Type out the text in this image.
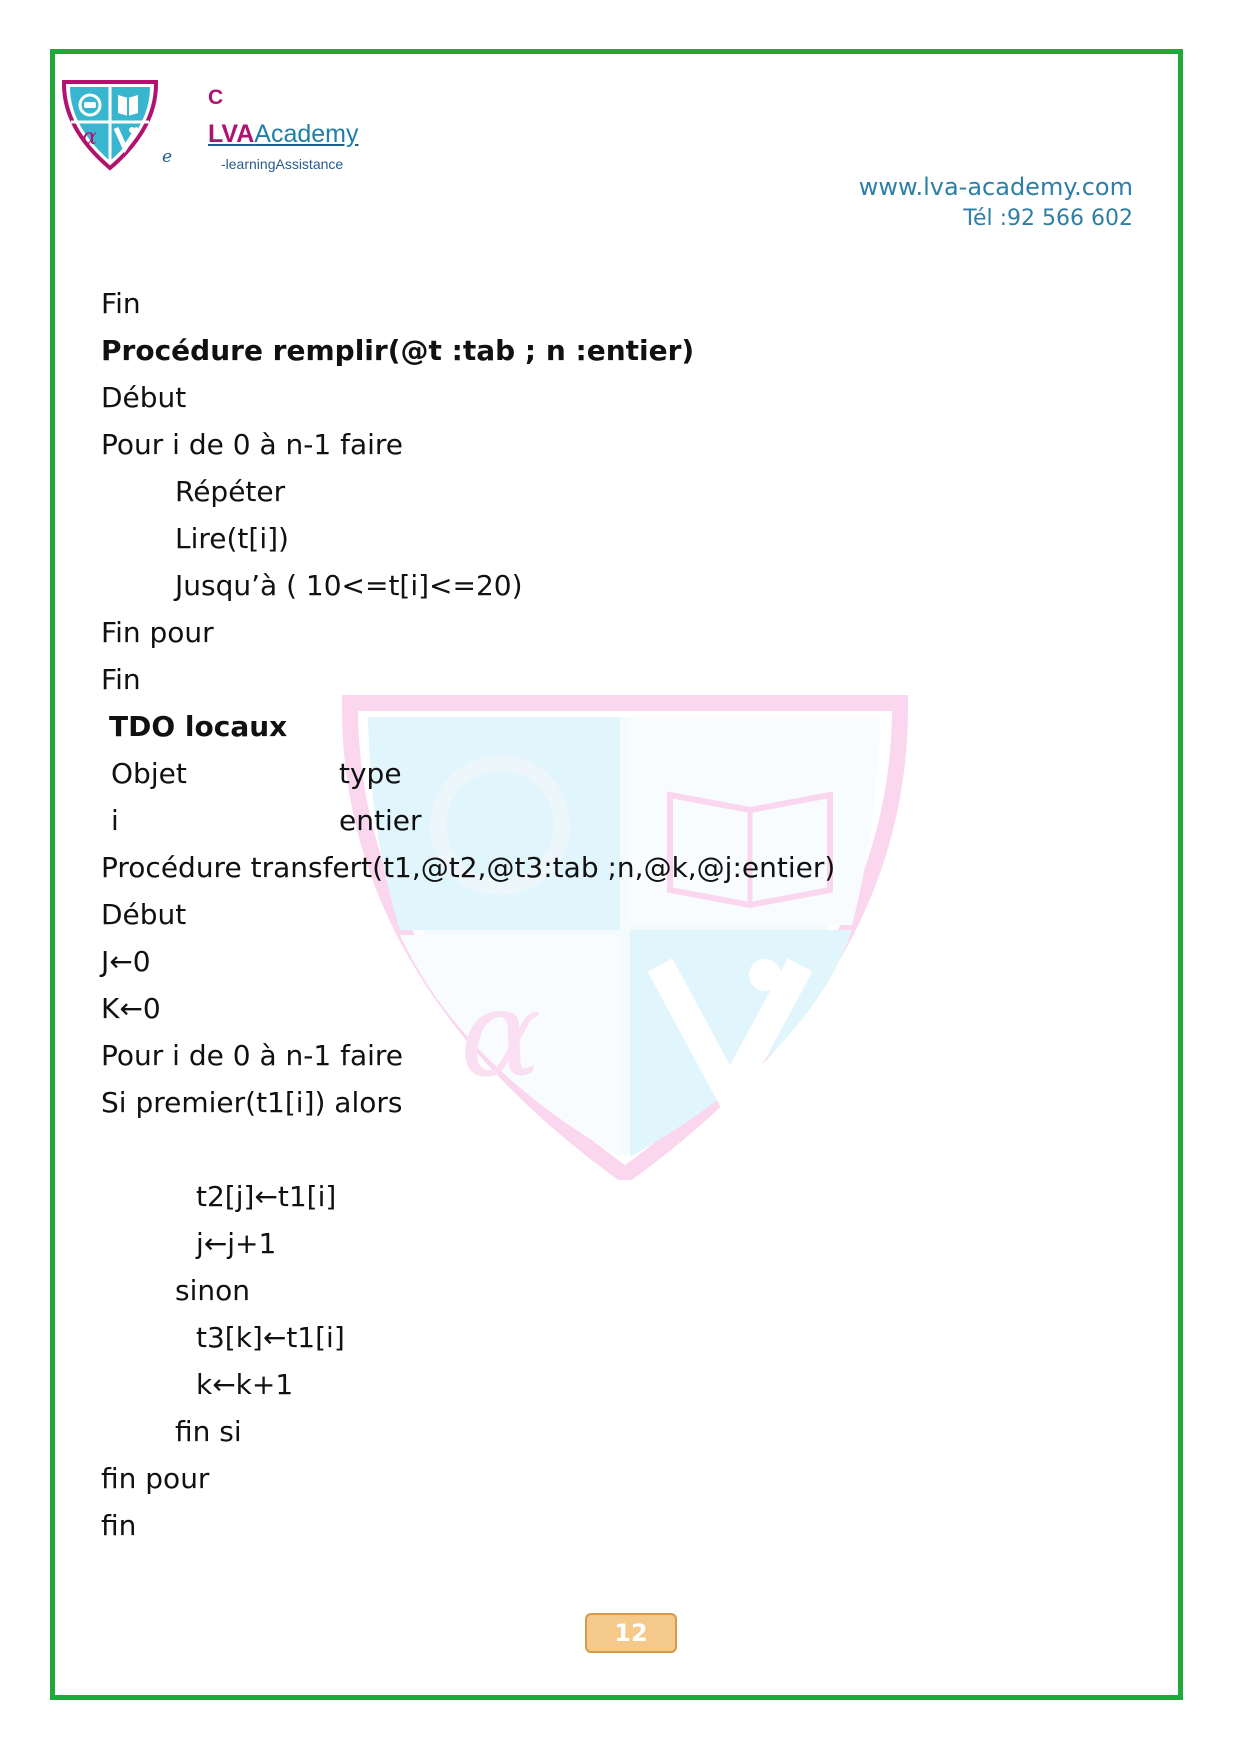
α
e
C
LVAAcademy
-learningAssistance
www.lva-academy.com
Tél :92 566 602
α
Fin
Procédure remplir(@t :tab ; n :entier)
Début
Pour i de 0 à n-1 faire
Répéter
Lire(t[i])
Jusqu’à ( 10<=t[i]<=20)
Fin pour
Fin
TDO locaux
Objet	type
i	entier
Procédure transfert(t1,@t2,@t3:tab ;n,@k,@j:entier)
Début
J←0
K←0
Pour i de 0 à n-1 faire
Si premier(t1[i]) alors
t2[j]←t1[i]
j←j+1
sinon
t3[k]←t1[i]
k←k+1
fin si
fin pour
fin
12
